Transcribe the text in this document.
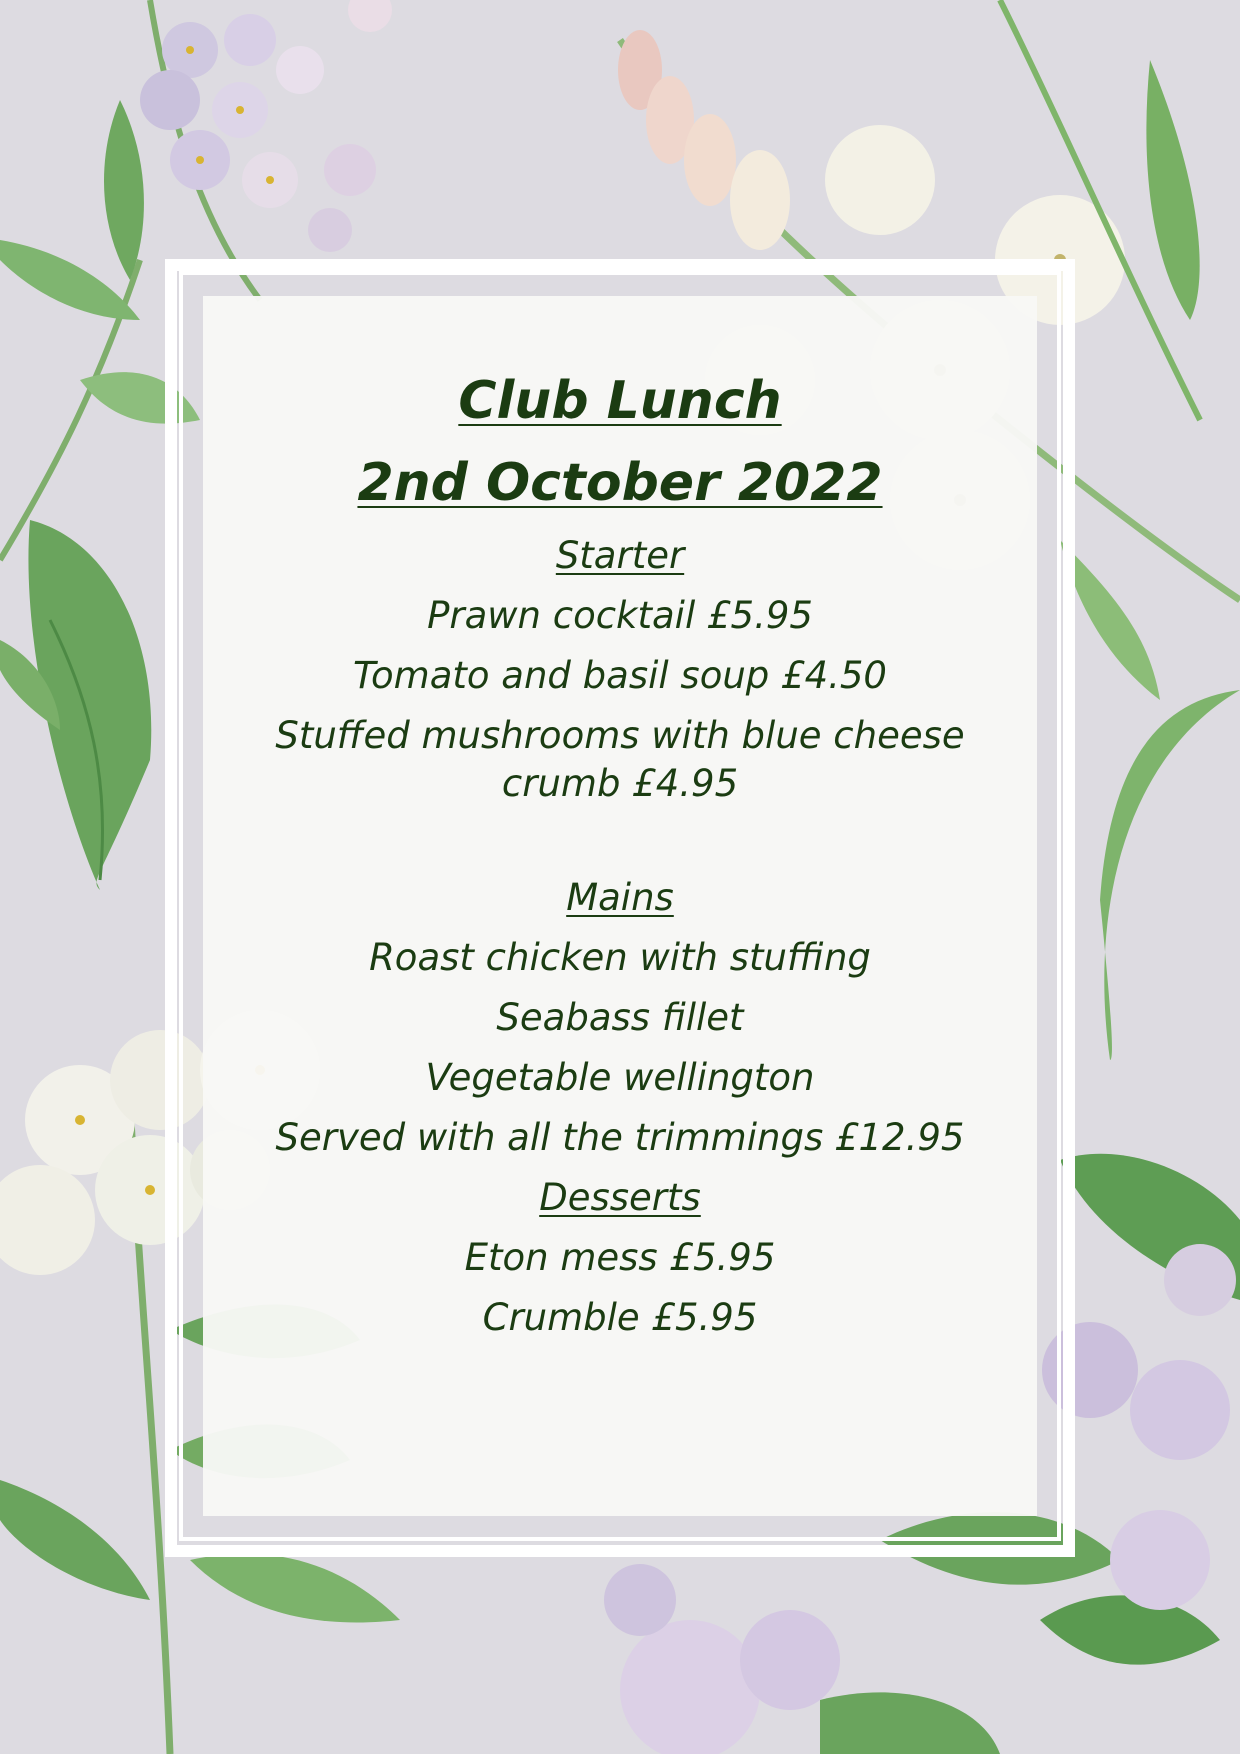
Club Lunch

2nd October 2022

Starter

Prawn cocktail £5.95

Tomato and basil soup £4.50

Stuffed mushrooms with blue cheese crumb £4.95

Mains

Roast chicken with stuffing

Seabass fillet

Vegetable wellington

Served with all the trimmings £12.95

Desserts

Eton mess £5.95

Crumble £5.95
